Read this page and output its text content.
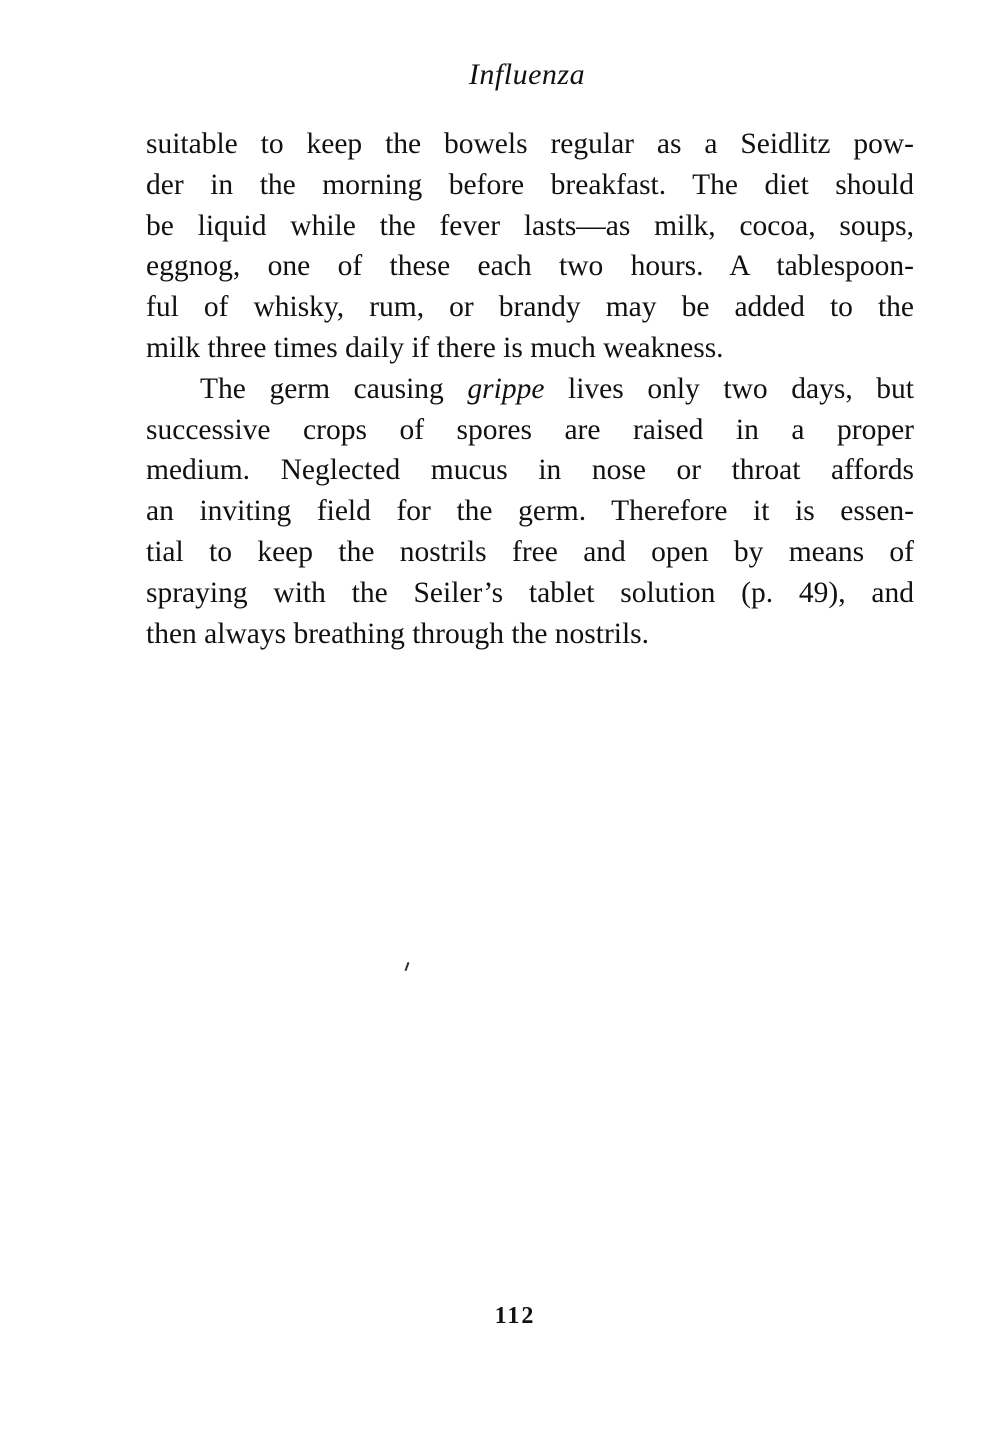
Influenza

suitable to keep the bowels regular as a Seidlitz pow-
der in the morning before breakfast. The diet should
be liquid while the fever lasts—as milk, cocoa, soups,
eggnog, one of these each two hours. A tablespoon-
ful of whisky, rum, or brandy may be added to the
milk three times daily if there is much weakness.

The germ causing grippe lives only two days, but
successive crops of spores are raised in a proper
medium. Neglected mucus in nose or throat affords
an inviting field for the germ. Therefore it is essen-
tial to keep the nostrils free and open by means of
spraying with the Seiler’s tablet solution (p. 49), and
then always breathing through the nostrils.

112
